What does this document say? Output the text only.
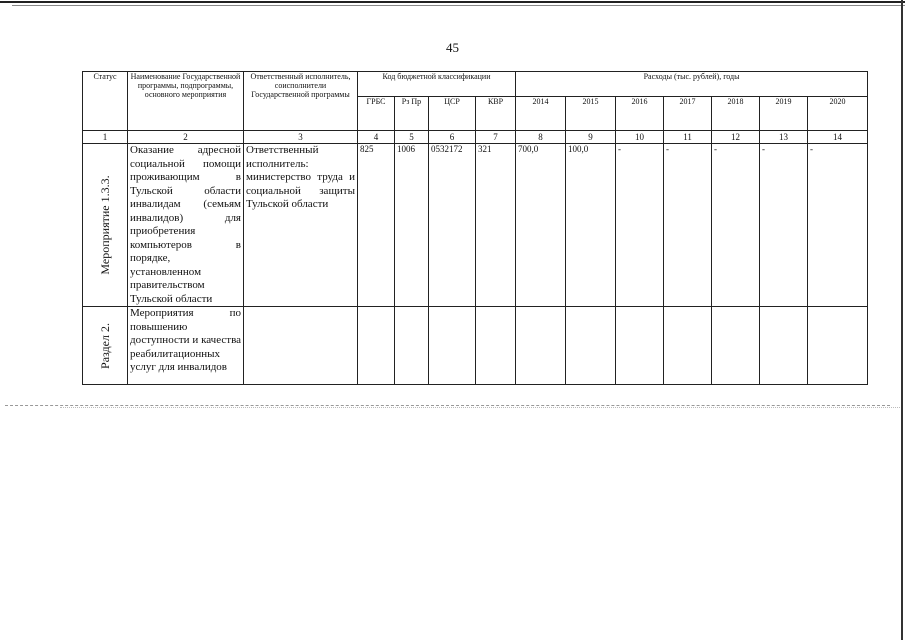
45
Статус	Наименование Государственной программы, подпрограммы, основного мероприятия	Ответственный исполнитель, соисполнители Государственной программы	Код бюджетной классификации				Расходы (тыс. рублей), годы						
			ГРБС	Рз Пр	ЦСР	КВР	2014	2015	2016	2017	2018	2019	2020
1	2	3	4	5	6	7	8	9	10	11	12	13	14

Мероприятие 1.3.3.	Оказание адресной социальной помощи проживающим в Тульской области инвалидам (семьям инвалидов) для приобретения компьютеров в порядке, установленном правительством Тульской области	Ответственный исполнитель: министерство труда и социальной защиты Тульской области	825	1006	0532172	321	700,0	100,0	-	-	-	-	-

Раздел 2.	Мероприятия по повышению доступности и качества реабилитационных услуг для инвалидов												
